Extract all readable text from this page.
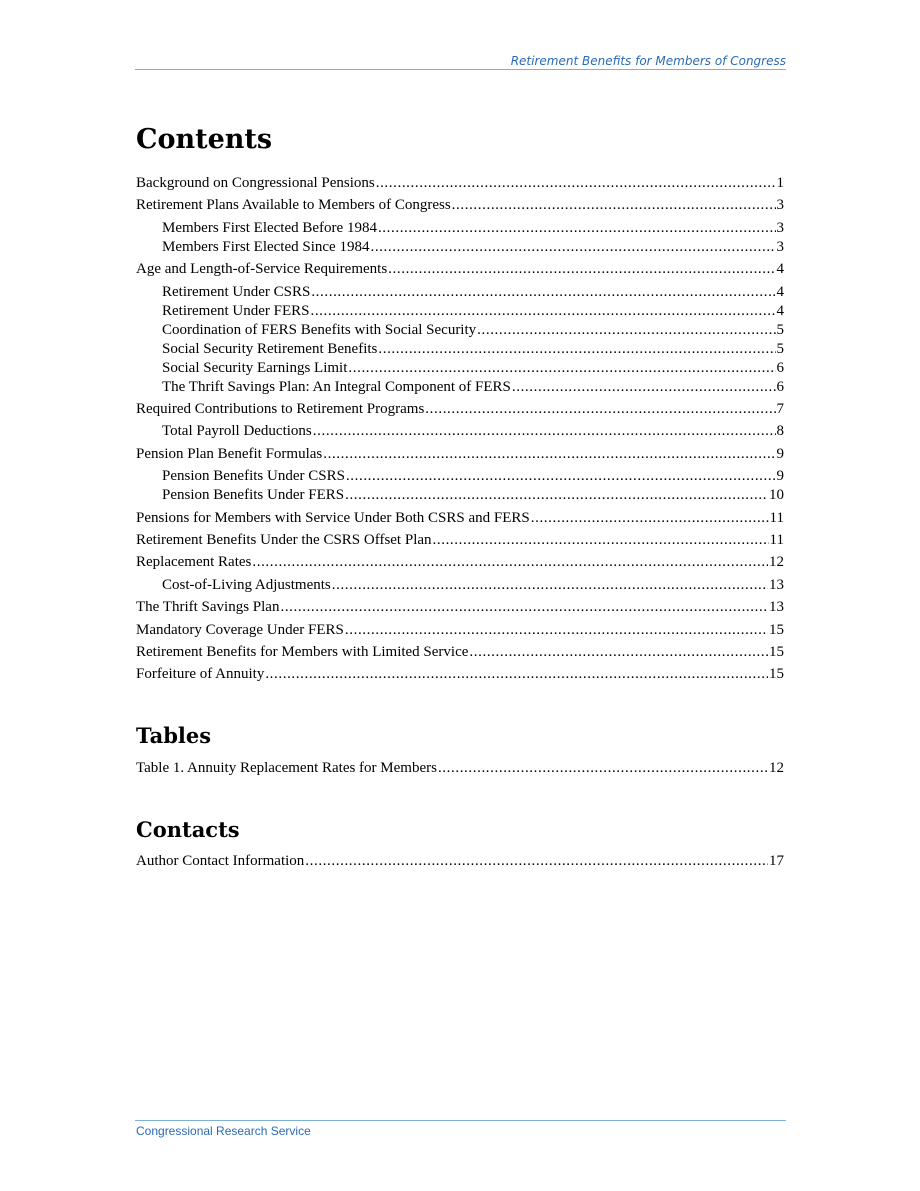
Retirement Benefits for Members of Congress
Contents
Background on Congressional Pensions .....	1
Retirement Plans Available to Members of Congress .....	3
Members First Elected Before 1984 .....	3
Members First Elected Since 1984 .....	3
Age and Length-of-Service Requirements .....	4
Retirement Under CSRS .....	4
Retirement Under FERS .....	4
Coordination of FERS Benefits with Social Security .....	5
Social Security Retirement Benefits .....	5
Social Security Earnings Limit .....	6
The Thrift Savings Plan: An Integral Component of FERS .....	6
Required Contributions to Retirement Programs .....	7
Total Payroll Deductions .....	8
Pension Plan Benefit Formulas .....	9
Pension Benefits Under CSRS .....	9
Pension Benefits Under FERS .....	10
Pensions for Members with Service Under Both CSRS and FERS .....	11
Retirement Benefits Under the CSRS Offset Plan .....	11
Replacement Rates .....	12
Cost-of-Living Adjustments .....	13
The Thrift Savings Plan .....	13
Mandatory Coverage Under FERS .....	15
Retirement Benefits for Members with Limited Service .....	15
Forfeiture of Annuity .....	15
Tables
Table 1. Annuity Replacement Rates for Members .....	12
Contacts
Author Contact Information .....	17
Congressional Research Service
